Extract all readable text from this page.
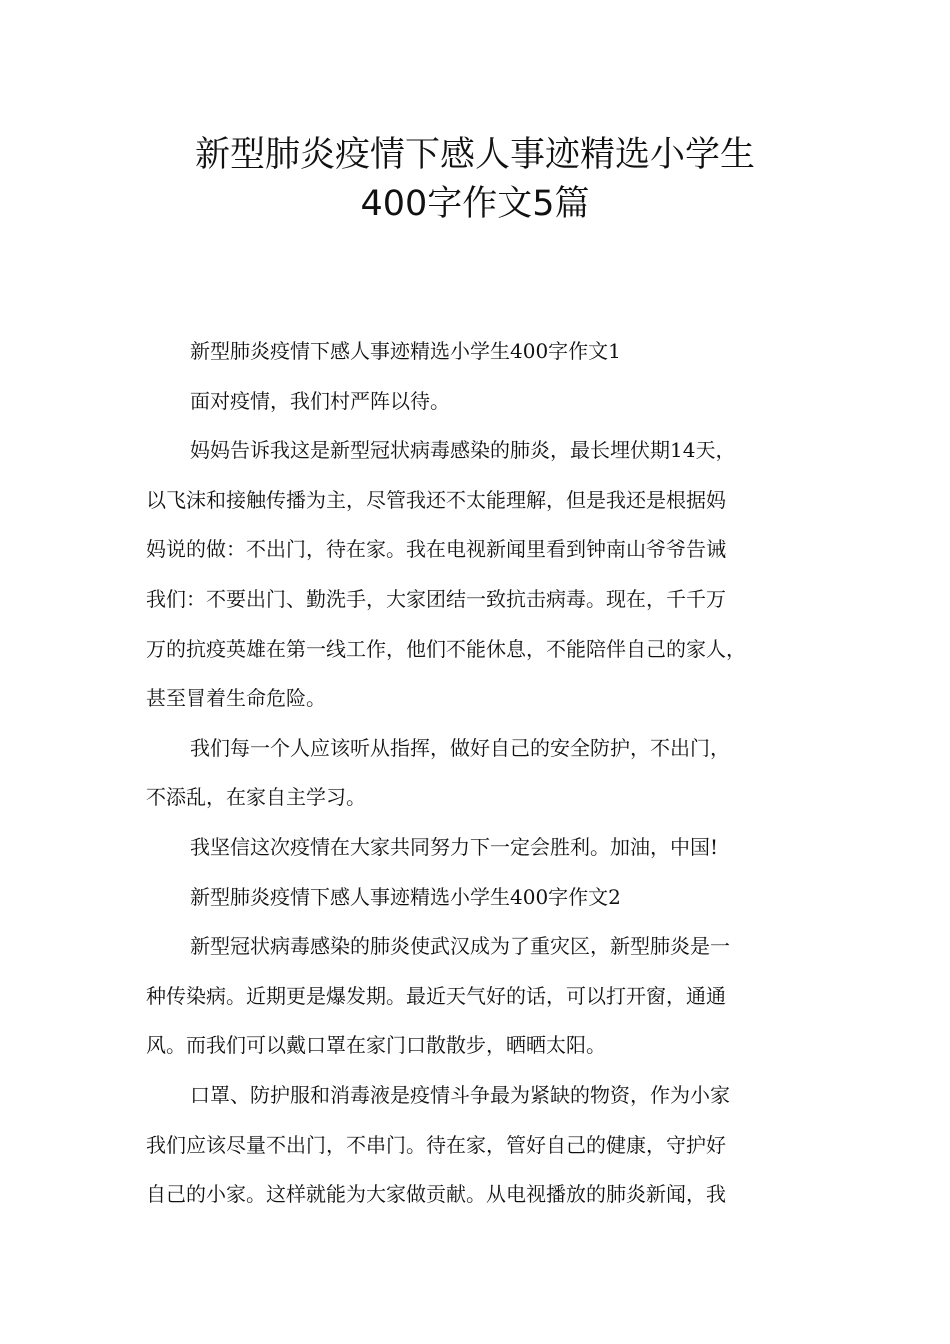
新型肺炎疫情下感人事迹精选小学生
400字作文5篇
新型肺炎疫情下感人事迹精选小学生400字作文1
面对疫情，我们村严阵以待。
妈妈告诉我这是新型冠状病毒感染的肺炎，最长埋伏期14天，
以飞沫和接触传播为主，尽管我还不太能理解，但是我还是根据妈
妈说的做：不出门，待在家。我在电视新闻里看到钟南山爷爷告诫
我们：不要出门、勤洗手，大家团结一致抗击病毒。现在，千千万
万的抗疫英雄在第一线工作，他们不能休息，不能陪伴自己的家人，
甚至冒着生命危险。
我们每一个人应该听从指挥，做好自己的安全防护，不出门，
不添乱，在家自主学习。
我坚信这次疫情在大家共同努力下一定会胜利。加油，中国!
新型肺炎疫情下感人事迹精选小学生400字作文2
新型冠状病毒感染的肺炎使武汉成为了重灾区，新型肺炎是一
种传染病。近期更是爆发期。最近天气好的话，可以打开窗，通通
风。而我们可以戴口罩在家门口散散步，晒晒太阳。
口罩、防护服和消毒液是疫情斗争最为紧缺的物资，作为小家
我们应该尽量不出门，不串门。待在家，管好自己的健康，守护好
自己的小家。这样就能为大家做贡献。从电视播放的肺炎新闻，我
